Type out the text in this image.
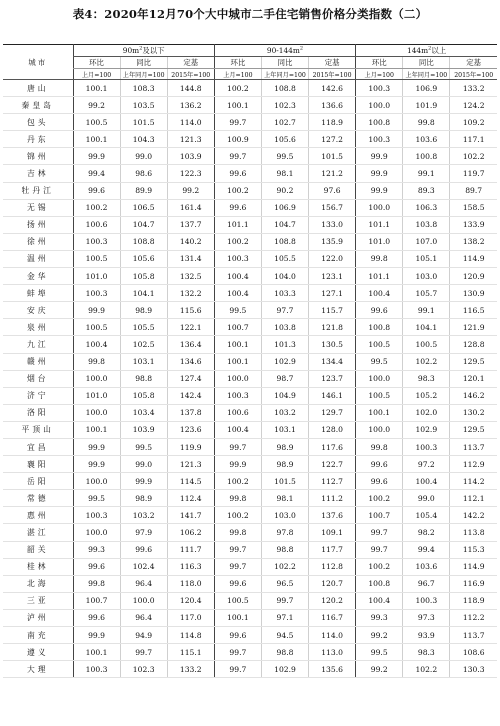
表4：2020年12月70个大中城市二手住宅销售价格分类指数（二）
城市	$90m^2$及以下			$90-144m^2$			$144m^2$以上		
	环比	同比	定基	环比	同比	定基	环比	同比	定基
	上月=100	上年同月=100	2015年=100	上月=100	上年同月=100	2015年=100	上月=100	上年同月=100	2015年=100
唐山	100.1	108.3	144.8	100.2	108.8	142.6	100.3	106.9	133.2
秦皇岛	99.2	103.5	136.2	100.1	102.3	136.6	100.0	101.9	124.2
包头	100.5	101.5	114.0	99.7	102.7	118.9	100.8	99.8	109.2
丹东	100.1	104.3	121.3	100.9	105.6	127.2	100.3	103.6	117.1
锦州	99.9	99.0	103.9	99.7	99.5	101.5	99.9	100.8	102.2
吉林	99.4	98.6	122.3	99.6	98.1	121.2	99.9	99.1	119.7
牡丹江	99.6	89.9	99.2	100.2	90.2	97.6	99.9	89.3	89.7
无锡	100.2	106.5	161.4	99.6	106.9	156.7	100.0	106.3	158.5
扬州	100.6	104.7	137.7	101.1	104.7	133.0	101.1	103.8	133.9
徐州	100.3	108.8	140.2	100.2	108.8	135.9	101.0	107.0	138.2
温州	100.5	105.6	131.4	100.3	105.5	122.0	99.8	105.1	114.9
金华	101.0	105.8	132.5	100.4	104.0	123.1	101.1	103.0	120.9
蚌埠	100.3	104.1	132.2	100.4	103.3	127.1	100.4	105.7	130.9
安庆	99.9	98.9	115.6	99.5	97.7	115.7	99.6	99.1	116.5
泉州	100.5	105.5	122.1	100.7	103.8	121.8	100.8	104.1	121.9
九江	100.4	102.5	136.4	100.1	101.3	130.5	100.5	100.5	128.8
赣州	99.8	103.1	134.6	100.1	102.9	134.4	99.5	102.2	129.5
烟台	100.0	98.8	127.4	100.0	98.7	123.7	100.0	98.3	120.1
济宁	101.0	105.8	142.4	100.3	104.9	146.1	100.5	105.2	146.2
洛阳	100.0	103.4	137.8	100.6	103.2	129.7	100.1	102.0	130.2
平顶山	100.1	103.9	123.6	100.4	103.1	128.0	100.0	102.9	129.5
宜昌	99.9	99.5	119.9	99.7	98.9	117.6	99.8	100.3	113.7
襄阳	99.9	99.0	121.3	99.9	98.9	122.7	99.6	97.2	112.9
岳阳	100.0	99.9	114.5	100.2	101.5	112.7	99.6	100.4	114.2
常德	99.5	98.9	112.4	99.8	98.1	111.2	100.2	99.0	112.1
惠州	100.3	103.2	141.7	100.2	103.0	137.6	100.7	105.4	142.2
湛江	100.0	97.9	106.2	99.8	97.8	109.1	99.7	98.2	113.8
韶关	99.3	99.6	111.7	99.7	98.8	117.7	99.7	99.4	115.3
桂林	99.6	102.4	116.3	99.7	102.2	112.8	100.2	103.6	114.9
北海	99.8	96.4	118.0	99.6	96.5	120.7	100.8	96.7	116.9
三亚	100.7	100.0	120.4	100.5	99.7	120.2	100.4	100.3	118.9
泸州	99.6	96.4	117.0	100.1	97.1	116.7	99.3	97.3	112.2
南充	99.9	94.9	114.8	99.6	94.5	114.0	99.2	93.9	113.7
遵义	100.1	99.7	115.1	99.7	98.8	113.0	99.5	98.3	108.6
大理	100.3	102.3	133.2	99.7	102.9	135.6	99.2	102.2	130.3
